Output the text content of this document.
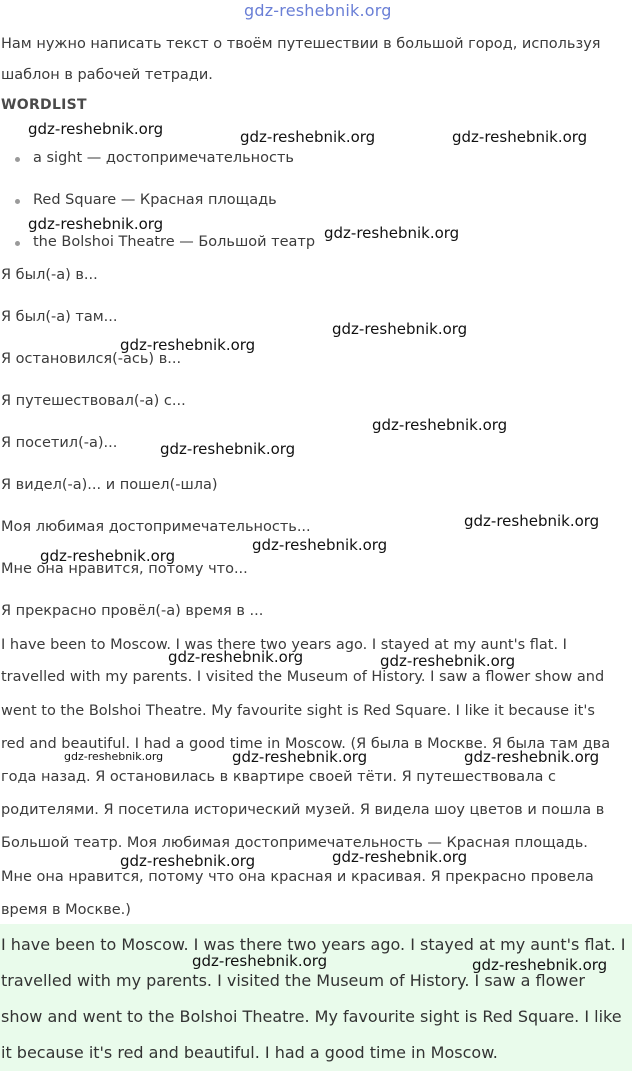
gdz-reshebnik.org
Нам нужно написать текст о твоём путешествии в большой город, используя
шаблон в рабочей тетради.
WORDLIST
a sight — достопримечательность
Red Square — Красная площадь
the Bolshoi Theatre — Большой театр
Я был(-а) в...
Я был(-а) там...
Я остановился(-ась) в...
Я путешествовал(-а) с...
Я посетил(-а)...
Я видел(-а)... и пошел(-шла)
Моя любимая достопримечательность...
Мне она нравится, потому что...
Я прекрасно провёл(-а) время в ...
I have been to Moscow. I was there two years ago. I stayed at my aunt's flat. I
travelled with my parents. I visited the Museum of History. I saw a flower show and
went to the Bolshoi Theatre. My favourite sight is Red Square. I like it because it's
red and beautiful. I had a good time in Moscow. (Я была в Москве. Я была там два
года назад. Я остановилась в квартире своей тёти. Я путешествовала с
родителями. Я посетила исторический музей. Я видела шоу цветов и пошла в
Большой театр. Моя любимая достопримечательность — Красная площадь.
Мне она нравится, потому что она красная и красивая. Я прекрасно провела
время в Москве.)
I have been to Moscow. I was there two years ago. I stayed at my aunt's flat. I
travelled with my parents. I visited the Museum of History. I saw a flower
show and went to the Bolshoi Theatre. My favourite sight is Red Square. I like
it because it's red and beautiful. I had a good time in Moscow.
gdz-reshebnik.org	gdz-reshebnik.org	gdz-reshebnik.org
gdz-reshebnik.org	gdz-reshebnik.org
gdz-reshebnik.org
gdz-reshebnik.org
gdz-reshebnik.org
gdz-reshebnik.org
gdz-reshebnik.org
gdz-reshebnik.org
gdz-reshebnik.org
gdz-reshebnik.org	gdz-reshebnik.org
gdz-reshebnik.org	gdz-reshebnik.org	gdz-reshebnik.org
gdz-reshebnik.org	gdz-reshebnik.org
gdz-reshebnik.org	gdz-reshebnik.org
